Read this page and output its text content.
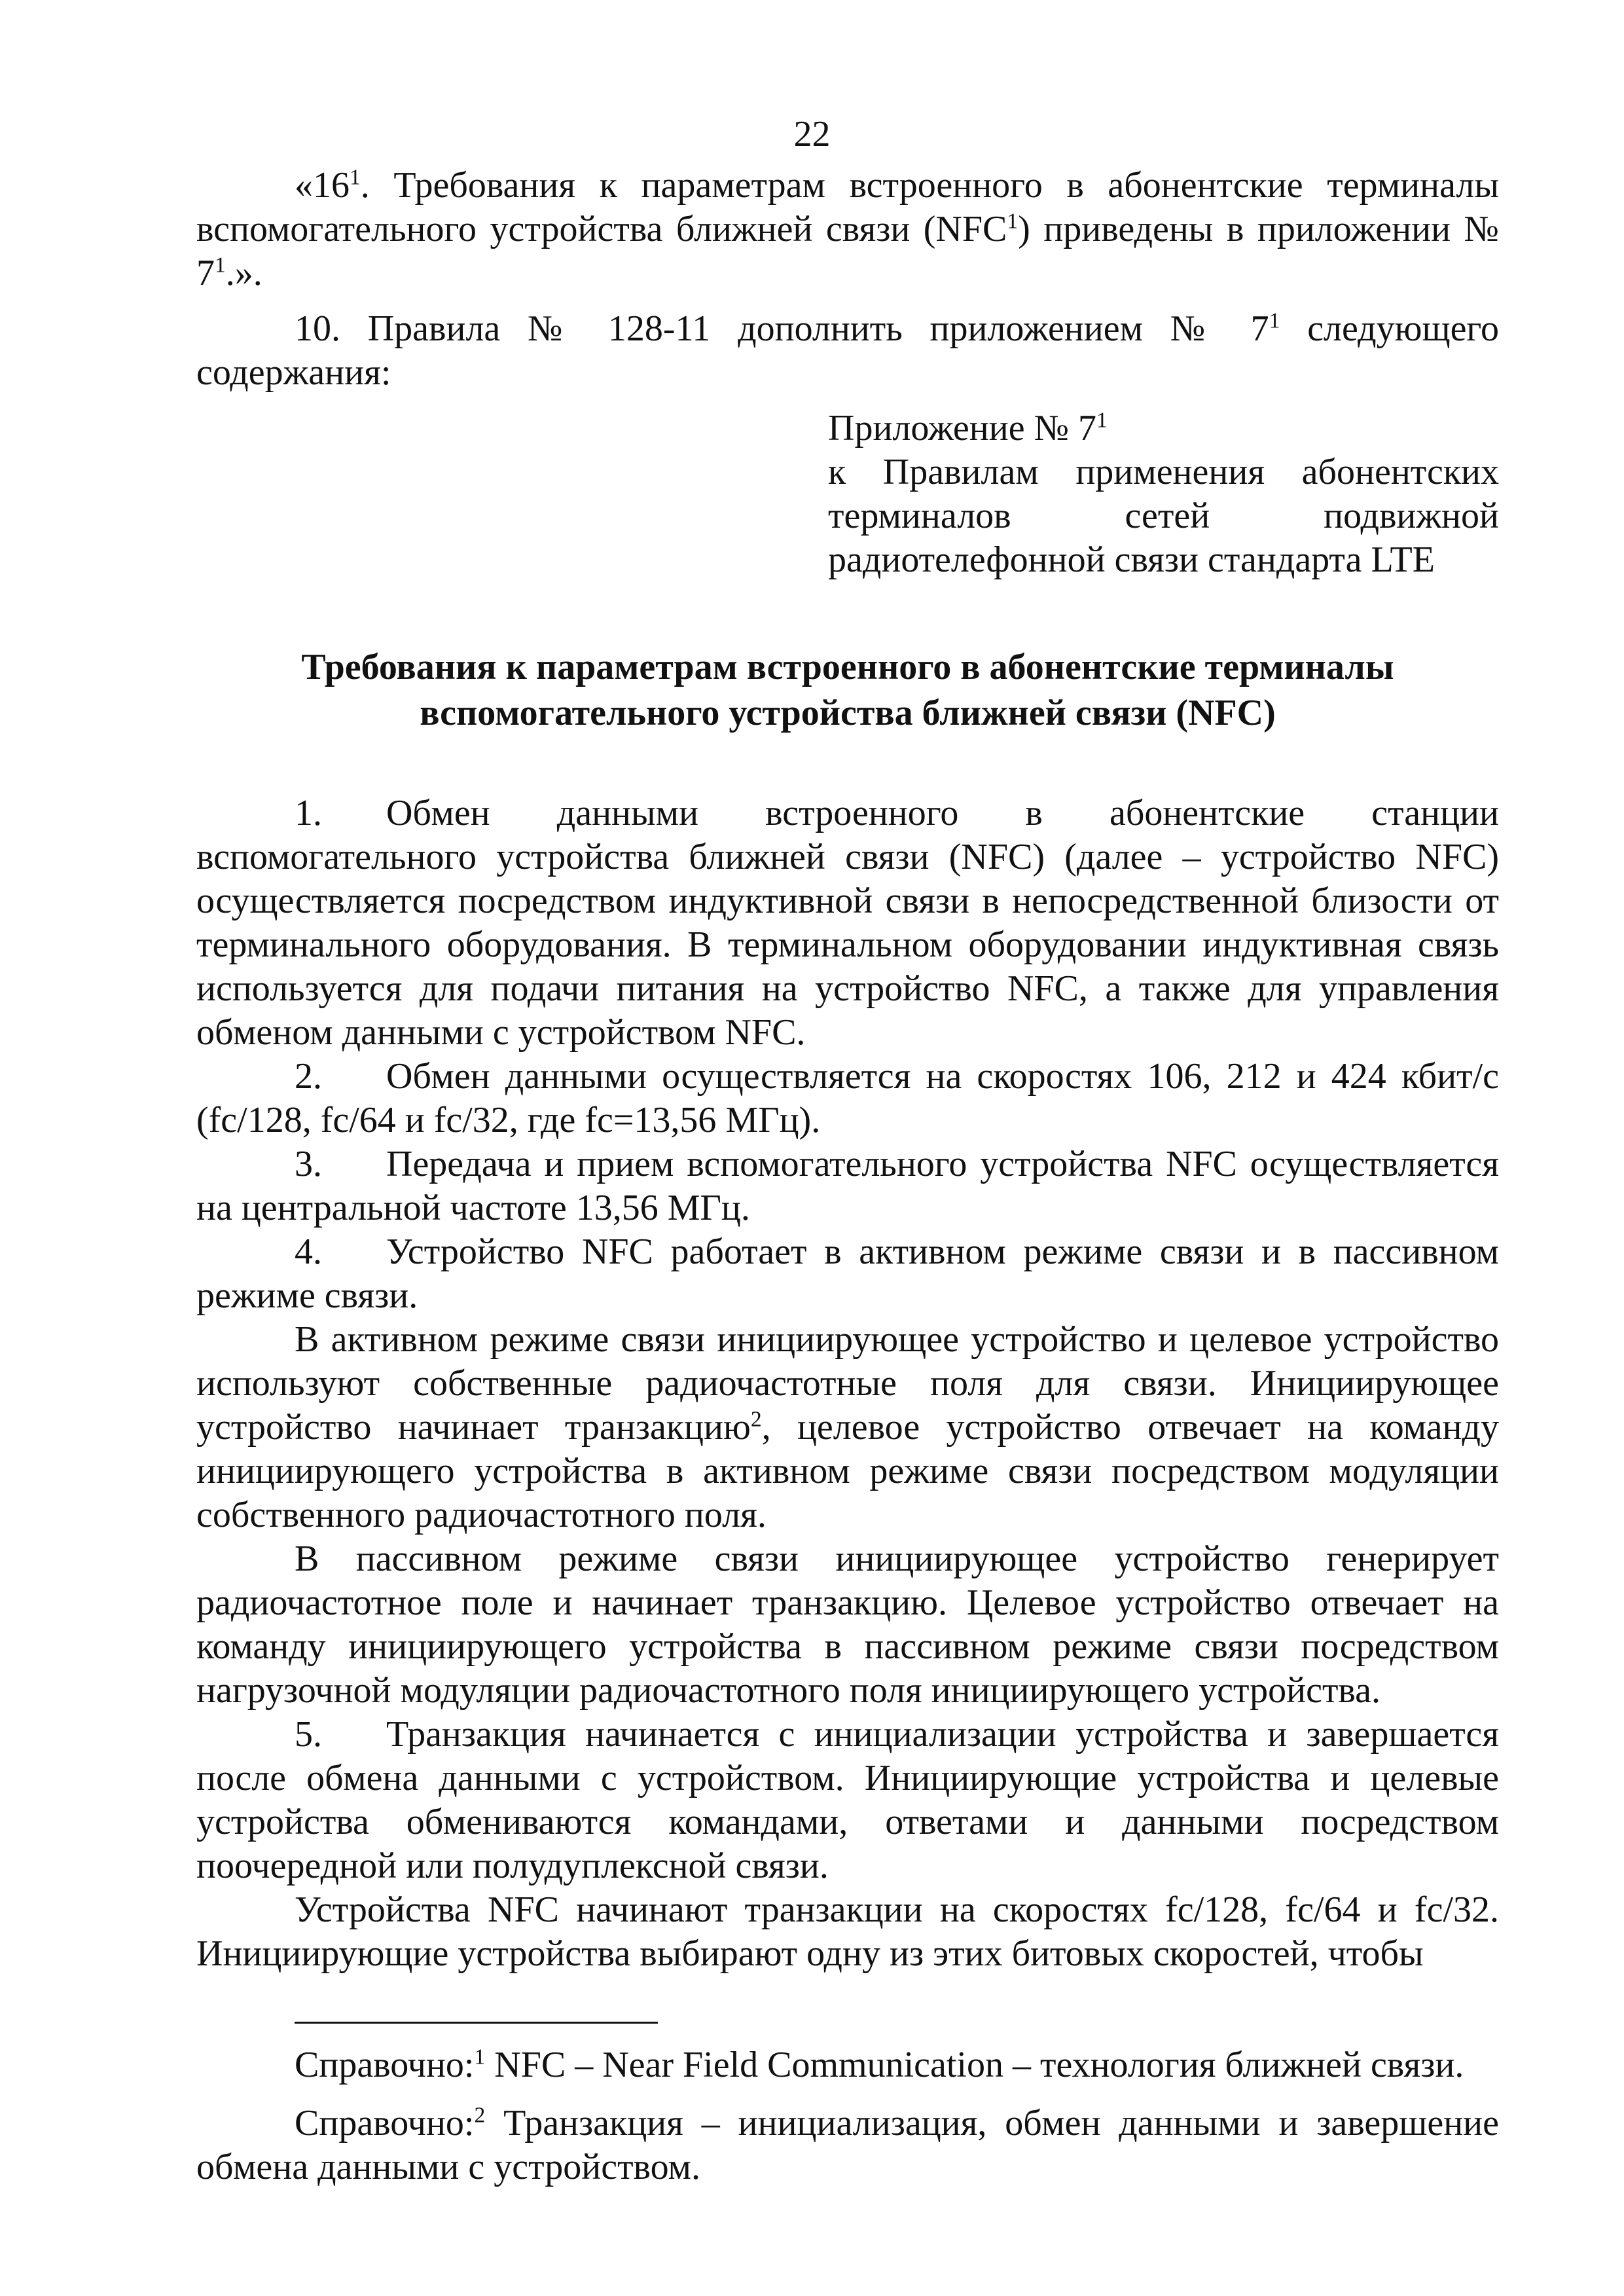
22

«$16^1$. Требования к параметрам встроенного в абонентские терминалы вспомогательного устройства ближней связи (NFC$^1$) приведены в приложении № $7^1$.».

10. Правила № 128-11 дополнить приложением № $7^1$ следующего содержания:

Приложение № $7^1$

к Правилам применения абонентских терминалов сетей подвижной радиотелефонной связи стандарта LTE

Требования к параметрам встроенного в абонентские терминалы
вспомогательного устройства ближней связи (NFC)

1. Обмен данными встроенного в абонентские станции вспомогательного устройства ближней связи (NFC) (далее – устройство NFC) осуществляется посредством индуктивной связи в непосредственной близости от терминального оборудования. В терминальном оборудовании индуктивная связь используется для подачи питания на устройство NFC, а также для управления обменом данными с устройством NFC.

2. Обмен данными осуществляется на скоростях 106, 212 и 424 кбит/с (fc/128, fc/64 и fc/32, где fc=13,56 МГц).

3. Передача и прием вспомогательного устройства NFC осуществляется на центральной частоте 13,56 МГц.

4. Устройство NFC работает в активном режиме связи и в пассивном режиме связи.

В активном режиме связи инициирующее устройство и целевое устройство используют собственные радиочастотные поля для связи. Инициирующее устройство начинает транзакцию$^2$, целевое устройство отвечает на команду инициирующего устройства в активном режиме связи посредством модуляции собственного радиочастотного поля.

В пассивном режиме связи инициирующее устройство генерирует радиочастотное поле и начинает транзакцию. Целевое устройство отвечает на команду инициирующего устройства в пассивном режиме связи посредством нагрузочной модуляции радиочастотного поля инициирующего устройства.

5. Транзакция начинается с инициализации устройства и завершается после обмена данными с устройством. Инициирующие устройства и целевые устройства обмениваются командами, ответами и данными посредством поочередной или полудуплексной связи.

Устройства NFC начинают транзакции на скоростях fc/128, fc/64 и fc/32. Инициирующие устройства выбирают одну из этих битовых скоростей, чтобы

Справочно:$^1$ NFC – Near Field Communication – технология ближней связи.

Справочно:$^2$ Транзакция – инициализация, обмен данными и завершение обмена данными с устройством.
